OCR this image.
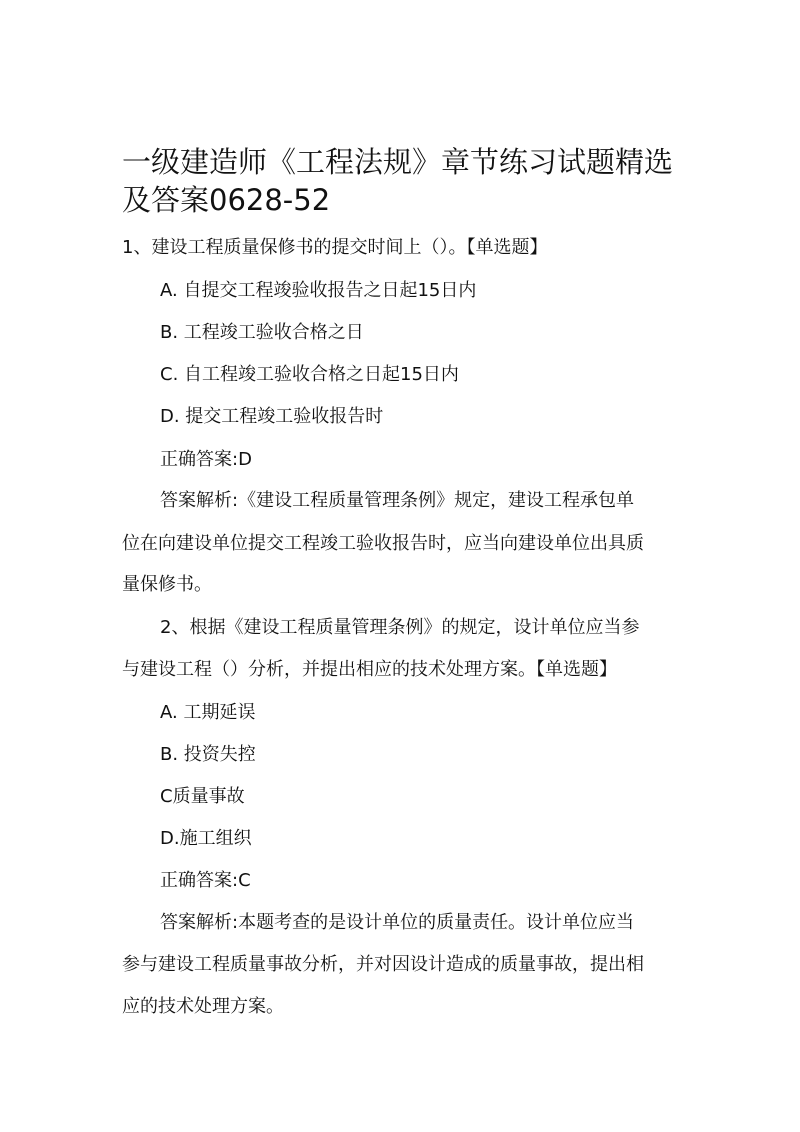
一级建造师《工程法规》章节练习试题精选
及答案0628-52
1、建设工程质量保修书的提交时间上（）。【单选题】
A. 自提交工程竣验收报告之日起15日内
B. 工程竣工验收合格之日
C. 自工程竣工验收合格之日起15日内
D. 提交工程竣工验收报告时
正确答案:D
答案解析:《建设工程质量管理条例》规定，建设工程承包单
位在向建设单位提交工程竣工验收报告时，应当向建设单位出具质
量保修书。
2、根据《建设工程质量管理条例》的规定，设计单位应当参
与建设工程（）分析，并提出相应的技术处理方案。【单选题】
A. 工期延误
B. 投资失控
C质量事故
D.施工组织
正确答案:C
答案解析:本题考查的是设计单位的质量责任。设计单位应当
参与建设工程质量事故分析，并对因设计造成的质量事故，提出相
应的技术处理方案。
